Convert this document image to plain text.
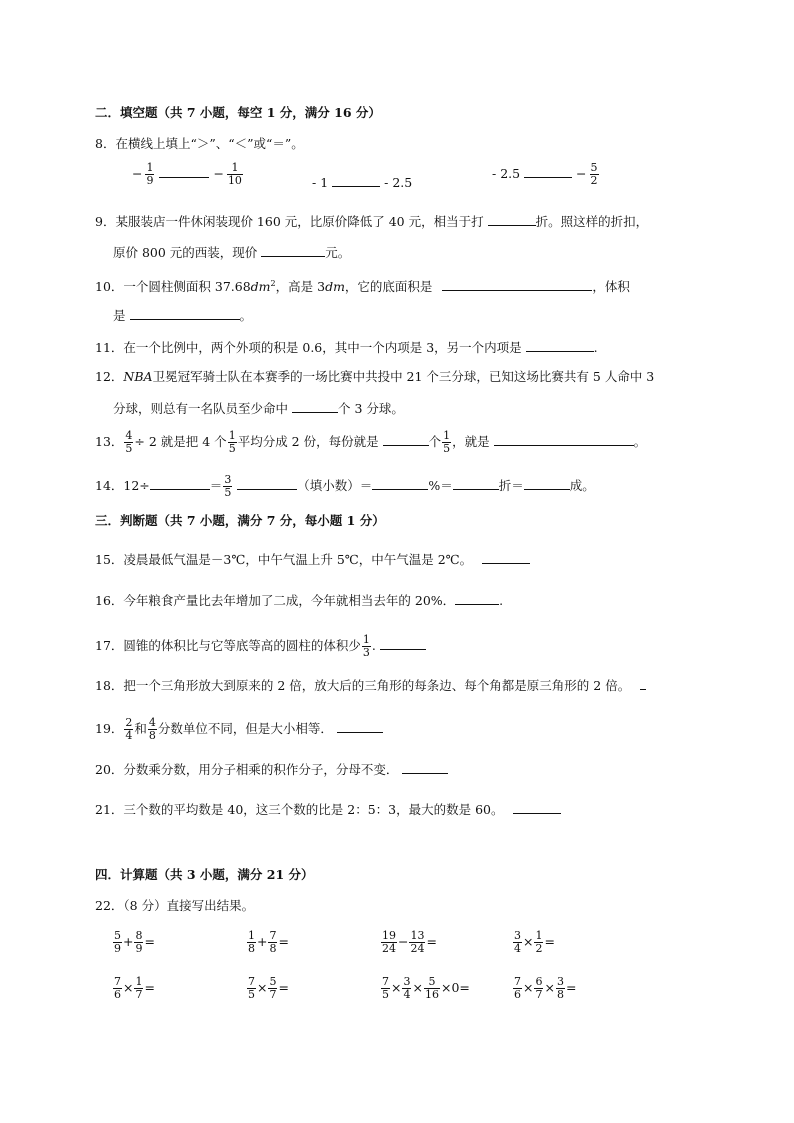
二．填空题（共 7 小题，每空 1 分，满分 16 分）
8．在横线上填上“＞”、“＜”或“＝”。
− $\frac{1}{9}$	− $\frac{1}{10}$	- 1	- 2.5
- 2.5	− $\frac{5}{2}$
9．某服装店一件休闲装现价 160 元，比原价降低了 40 元，相当于打	折。照这样的折扣，
原价 800 元的西装，现价	元。
10．一个圆柱侧面积 $37.68dm^2$，高是 3dm，它的底面积是	，体积
是	。
11．在一个比例中，两个外项的积是 0.6，其中一个内项是 3，另一个内项是	.
12．NBA卫冕冠军骑士队在本赛季的一场比赛中共投中 21 个三分球，已知这场比赛共有 5 人命中 3
分球，则总有一名队员至少命中	个 3 分球。
13． $\frac{4}{5} \div 2$ 就是把 4 个 $\frac{1}{5}$ 平均分成 2 份，每份就是	个 $\frac{1}{5}$ ，就是	。
14．12÷	＝ $\frac{3}{5}$	（填小数）＝	%＝	折＝	成。
三．判断题（共 7 小题，满分 7 分，每小题 1 分）
15．凌晨最低气温是－3℃，中午气温上升 5℃，中午气温是 2℃。
16．今年粮食产量比去年增加了二成，今年就相当去年的 20%．	.
17．圆锥的体积比与它等底等高的圆柱的体积少 $\frac{1}{3}$ .
18．把一个三角形放大到原来的 2 倍，放大后的三角形的每条边、每个角都是原三角形的 2 倍。
19． $\frac{2}{4}$ 和 $\frac{4}{8}$ 分数单位不同，但是大小相等．
20．分数乘分数，用分子相乘的积作分子，分母不变．
21．三个数的平均数是 40，这三个数的比是 2：5：3，最大的数是 60。
四．计算题（共 3 小题，满分 21 分）
22．（8 分）直接写出结果。
$\frac{5}{9} + \frac{8}{9}$ =	$\frac{1}{8} + \frac{7}{8}$ =	$\frac{19}{24} - \frac{13}{24}$ =	$\frac{3}{4} \times \frac{1}{2}$ =
$\frac{7}{6} \times \frac{1}{7}$ =	$\frac{7}{5} \times \frac{5}{7}$ =	$\frac{7}{5} \times \frac{3}{4} \times \frac{5}{16} \times 0=$	$\frac{7}{6} \times \frac{6}{7} \times \frac{3}{8}$ =
